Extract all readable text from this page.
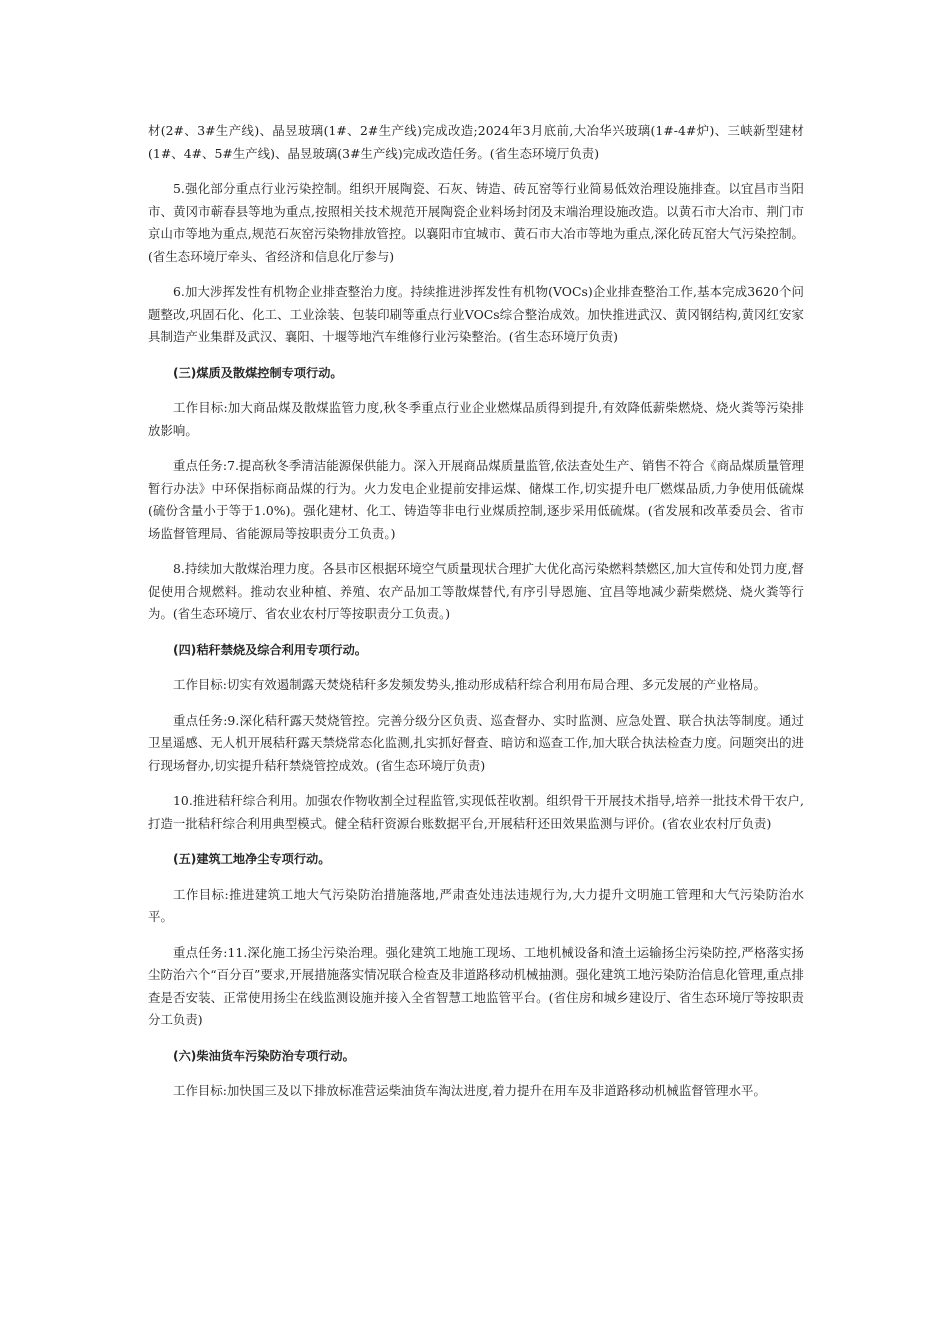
材(2#、3#生产线)、晶昱玻璃(1#、2#生产线)完成改造;2024年3月底前,大冶华兴玻璃(1#-4#炉)、三峡新型建材(1#、4#、5#生产线)、晶昱玻璃(3#生产线)完成改造任务。(省生态环境厅负责)

5.强化部分重点行业污染控制。组织开展陶瓷、石灰、铸造、砖瓦窑等行业简易低效治理设施排查。以宜昌市当阳市、黄冈市蕲春县等地为重点,按照相关技术规范开展陶瓷企业料场封闭及末端治理设施改造。以黄石市大冶市、荆门市京山市等地为重点,规范石灰窑污染物排放管控。以襄阳市宜城市、黄石市大冶市等地为重点,深化砖瓦窑大气污染控制。(省生态环境厅牵头、省经济和信息化厅参与)

6.加大涉挥发性有机物企业排查整治力度。持续推进涉挥发性有机物(VOCs)企业排查整治工作,基本完成3620个问题整改,巩固石化、化工、工业涂装、包装印刷等重点行业VOCs综合整治成效。加快推进武汉、黄冈钢结构,黄冈红安家具制造产业集群及武汉、襄阳、十堰等地汽车维修行业污染整治。(省生态环境厅负责)

(三)煤质及散煤控制专项行动。

工作目标:加大商品煤及散煤监管力度,秋冬季重点行业企业燃煤品质得到提升,有效降低薪柴燃烧、烧火粪等污染排放影响。

重点任务:7.提高秋冬季清洁能源保供能力。深入开展商品煤质量监管,依法查处生产、销售不符合《商品煤质量管理暂行办法》中环保指标商品煤的行为。火力发电企业提前安排运煤、储煤工作,切实提升电厂燃煤品质,力争使用低硫煤(硫份含量小于等于1.0%)。强化建材、化工、铸造等非电行业煤质控制,逐步采用低硫煤。(省发展和改革委员会、省市场监督管理局、省能源局等按职责分工负责。)

8.持续加大散煤治理力度。各县市区根据环境空气质量现状合理扩大优化高污染燃料禁燃区,加大宣传和处罚力度,督促使用合规燃料。推动农业种植、养殖、农产品加工等散煤替代,有序引导恩施、宜昌等地减少薪柴燃烧、烧火粪等行为。(省生态环境厅、省农业农村厅等按职责分工负责。)

(四)秸秆禁烧及综合利用专项行动。

工作目标:切实有效遏制露天焚烧秸秆多发频发势头,推动形成秸秆综合利用布局合理、多元发展的产业格局。

重点任务:9.深化秸秆露天焚烧管控。完善分级分区负责、巡查督办、实时监测、应急处置、联合执法等制度。通过卫星遥感、无人机开展秸秆露天禁烧常态化监测,扎实抓好督查、暗访和巡查工作,加大联合执法检查力度。问题突出的进行现场督办,切实提升秸秆禁烧管控成效。(省生态环境厅负责)

10.推进秸秆综合利用。加强农作物收割全过程监管,实现低茬收割。组织骨干开展技术指导,培养一批技术骨干农户,打造一批秸秆综合利用典型模式。健全秸秆资源台账数据平台,开展秸秆还田效果监测与评价。(省农业农村厅负责)

(五)建筑工地净尘专项行动。

工作目标:推进建筑工地大气污染防治措施落地,严肃查处违法违规行为,大力提升文明施工管理和大气污染防治水平。

重点任务:11.深化施工扬尘污染治理。强化建筑工地施工现场、工地机械设备和渣土运输扬尘污染防控,严格落实扬尘防治六个“百分百”要求,开展措施落实情况联合检查及非道路移动机械抽测。强化建筑工地污染防治信息化管理,重点排查是否安装、正常使用扬尘在线监测设施并接入全省智慧工地监管平台。(省住房和城乡建设厅、省生态环境厅等按职责分工负责)

(六)柴油货车污染防治专项行动。

工作目标:加快国三及以下排放标准营运柴油货车淘汰进度,着力提升在用车及非道路移动机械监督管理水平。
